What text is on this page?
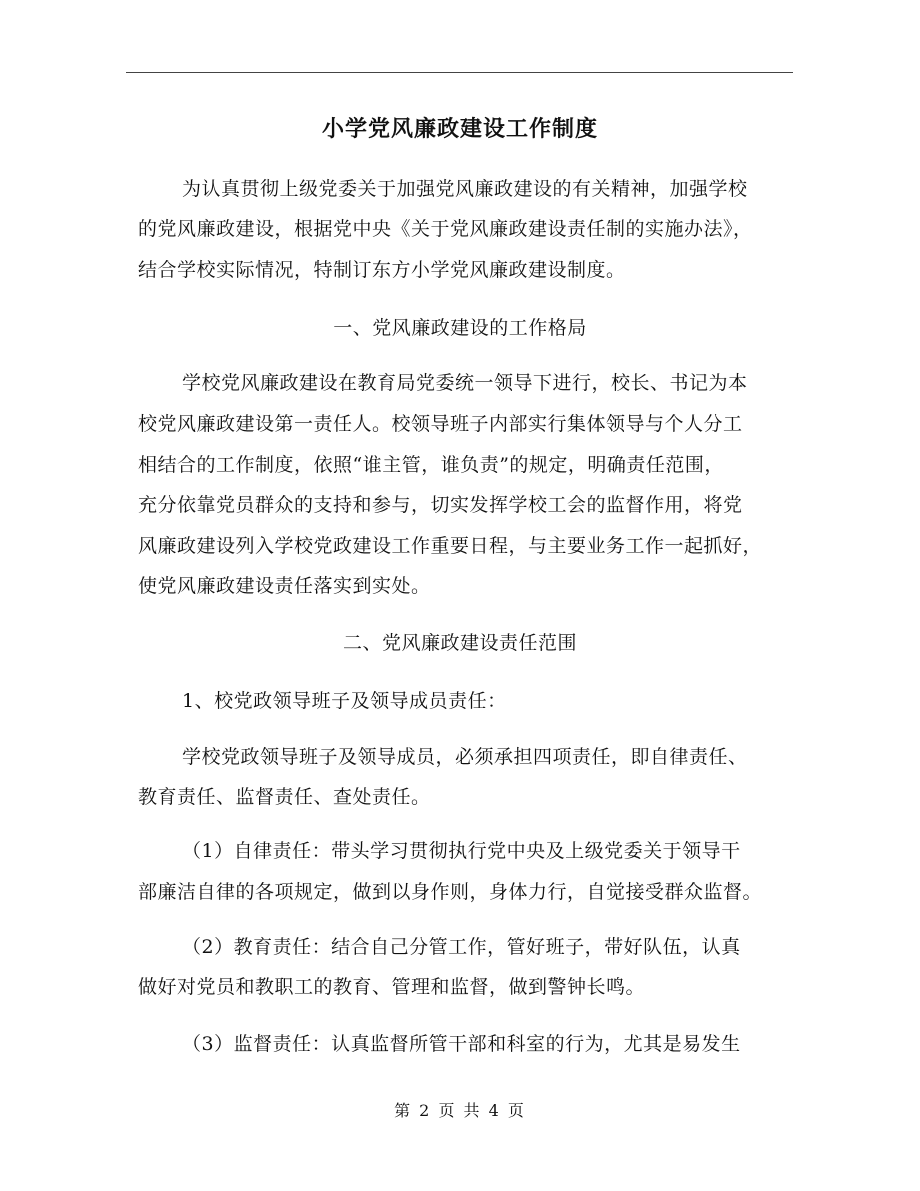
小学党风廉政建设工作制度
为认真贯彻上级党委关于加强党风廉政建设的有关精神，加强学校
的党风廉政建设，根据党中央《关于党风廉政建设责任制的实施办法》，
结合学校实际情况，特制订东方小学党风廉政建设制度。
一、党风廉政建设的工作格局
学校党风廉政建设在教育局党委统一领导下进行，校长、书记为本
校党风廉政建设第一责任人。校领导班子内部实行集体领导与个人分工
相结合的工作制度，依照“谁主管，谁负责”的规定，明确责任范围，
充分依靠党员群众的支持和参与，切实发挥学校工会的监督作用，将党
风廉政建设列入学校党政建设工作重要日程，与主要业务工作一起抓好，
使党风廉政建设责任落实到实处。
二、党风廉政建设责任范围
1、校党政领导班子及领导成员责任：
学校党政领导班子及领导成员，必须承担四项责任，即自律责任、
教育责任、监督责任、查处责任。
（1）自律责任：带头学习贯彻执行党中央及上级党委关于领导干
部廉洁自律的各项规定，做到以身作则，身体力行，自觉接受群众监督。
（2）教育责任：结合自己分管工作，管好班子，带好队伍，认真
做好对党员和教职工的教育、管理和监督，做到警钟长鸣。
（3）监督责任：认真监督所管干部和科室的行为，尤其是易发生
第 2 页 共 4 页
